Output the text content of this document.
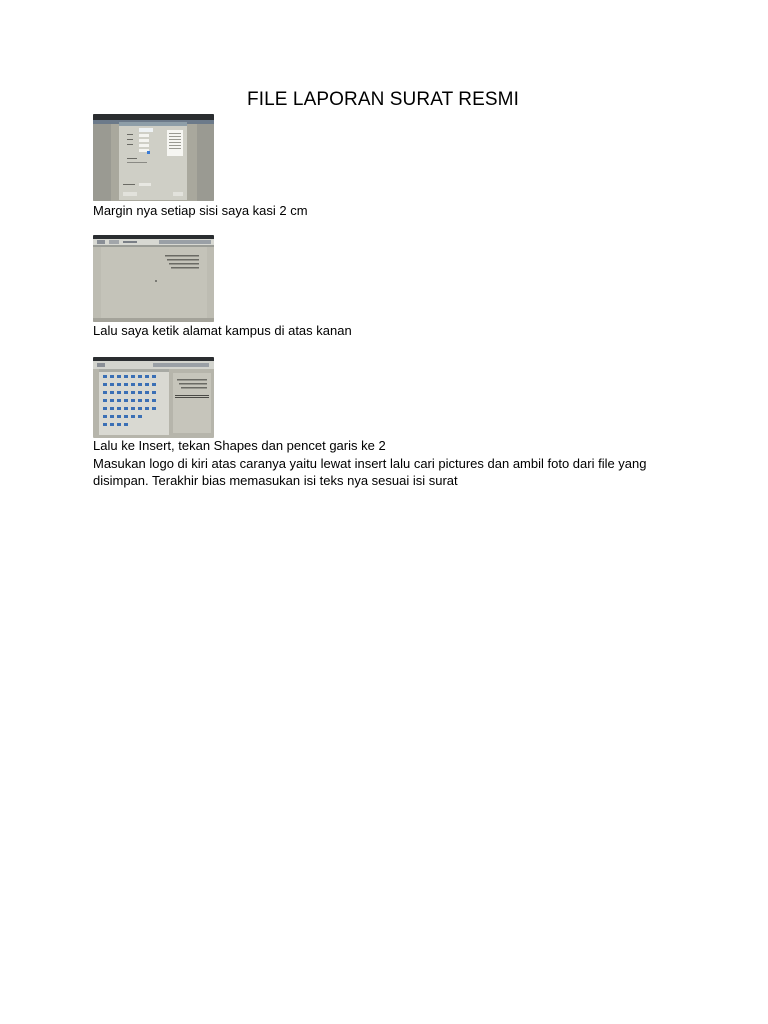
FILE LAPORAN SURAT RESMI
Margin nya setiap sisi saya kasi 2 cm
Lalu saya ketik alamat kampus di atas kanan
Lalu ke Insert, tekan Shapes dan pencet garis ke 2
Masukan logo di kiri atas caranya yaitu lewat insert lalu cari pictures dan ambil foto dari file yang disimpan. Terakhir bias memasukan isi teks nya sesuai isi surat
